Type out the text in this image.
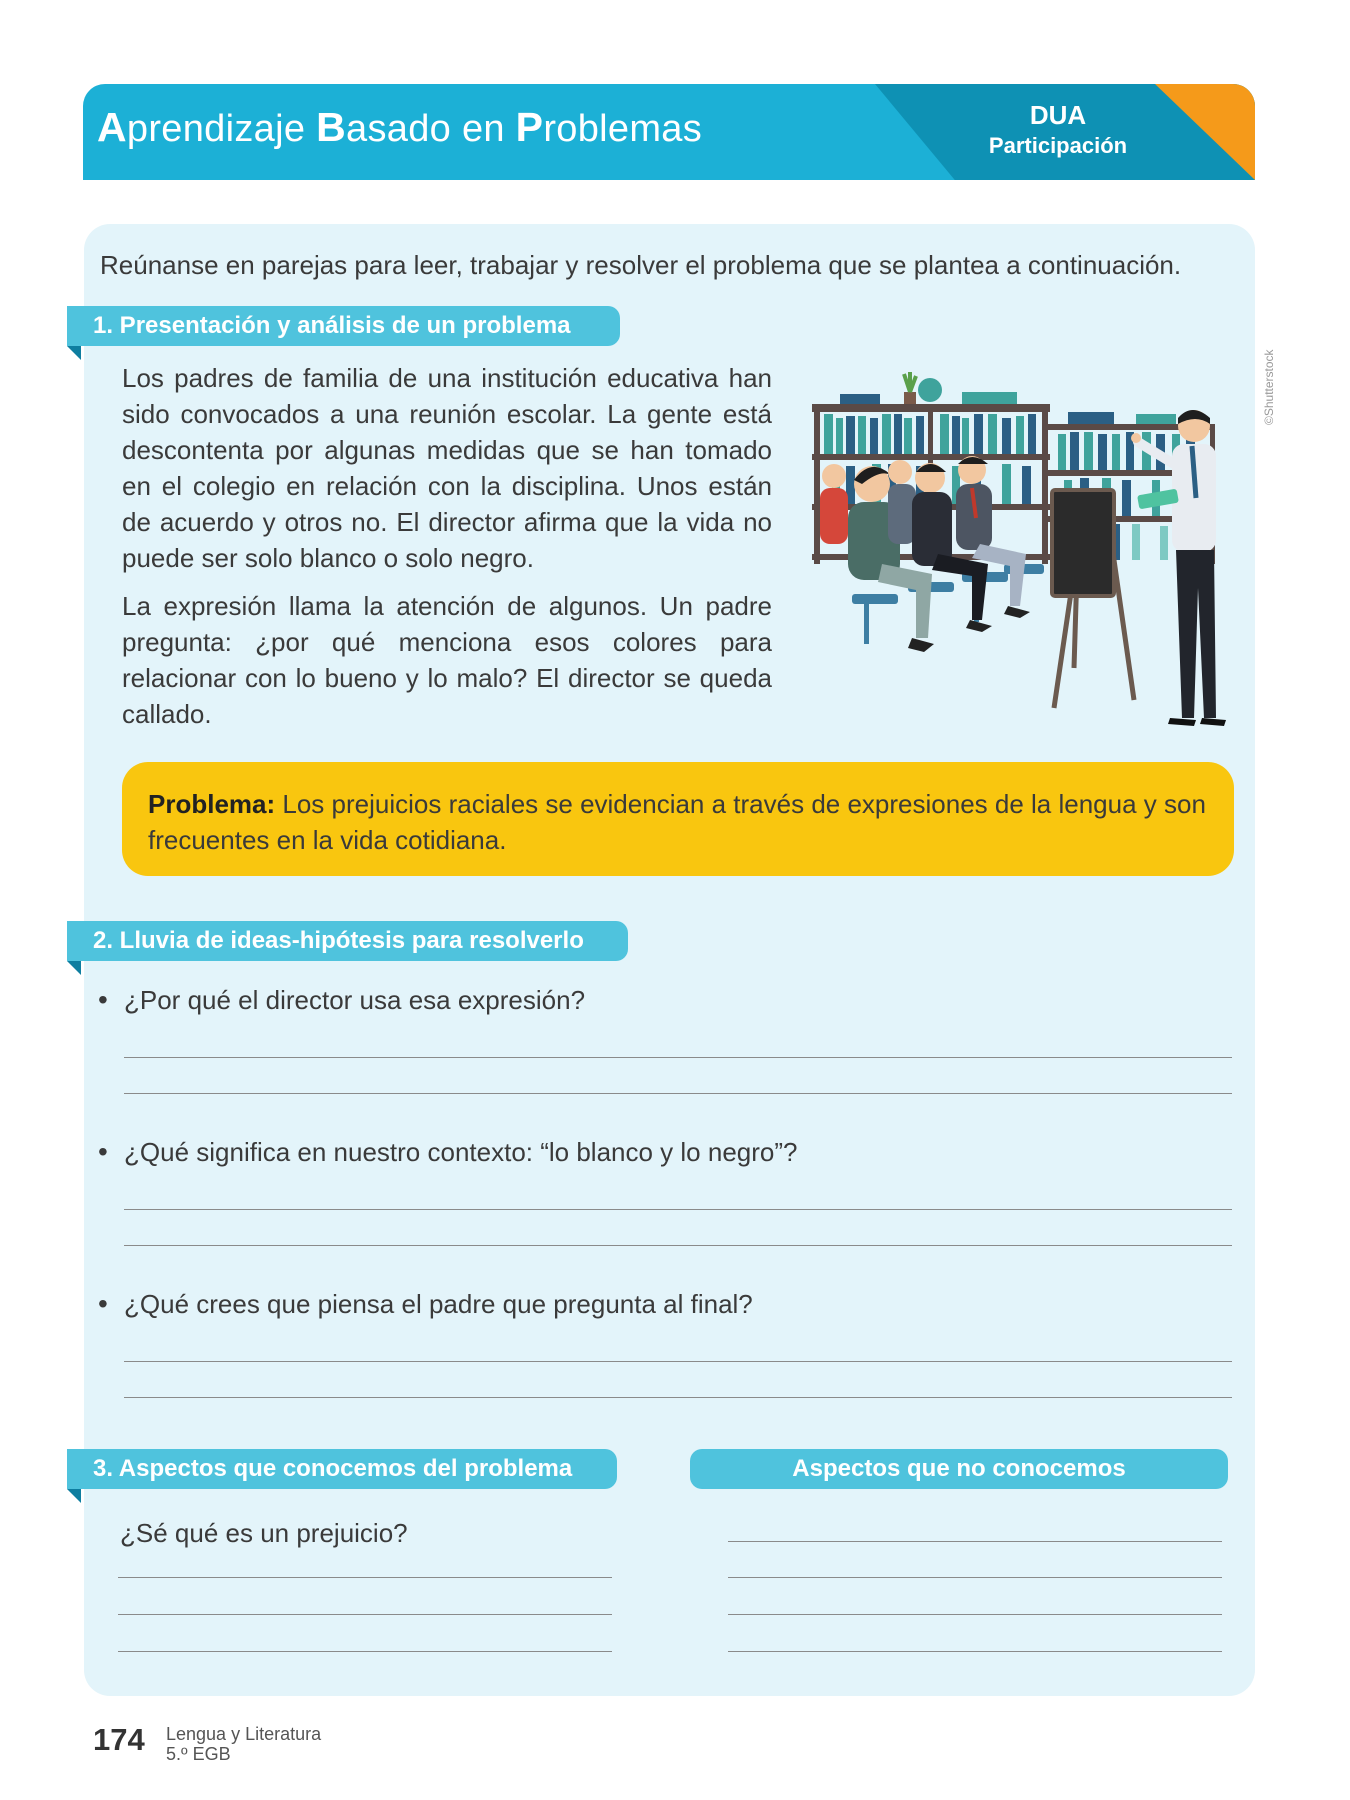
Aprendizaje Basado en Problemas	DUA
Participación
Reúnanse en parejas para leer, trabajar y resolver el problema que se plantea a continuación.
1. Presentación y análisis de un problema

Los padres de familia de una institución educativa han sido convocados a una reunión escolar. La gente está descontenta por algunas medidas que se han tomado en el colegio en relación con la disciplina. Unos están de acuerdo y otros no. El director afirma que la vida no puede ser solo blanco o solo negro.

La expresión llama la atención de algunos. Un padre pregunta: ¿por qué menciona esos colores para relacionar con lo bueno y lo malo? El director se queda callado.

©Shutterstock
Problema: Los prejuicios raciales se evidencian a través de expresiones de la lengua y son frecuentes en la vida cotidiana.
2. Lluvia de ideas-hipótesis para resolverlo
• ¿Por qué el director usa esa expresión?
• ¿Qué significa en nuestro contexto: “lo blanco y lo negro”?
• ¿Qué crees que piensa el padre que pregunta al final?
3. Aspectos que conocemos del problema	Aspectos que no conocemos
¿Sé qué es un prejuicio?
174 Lengua y Literatura
5.º EGB
